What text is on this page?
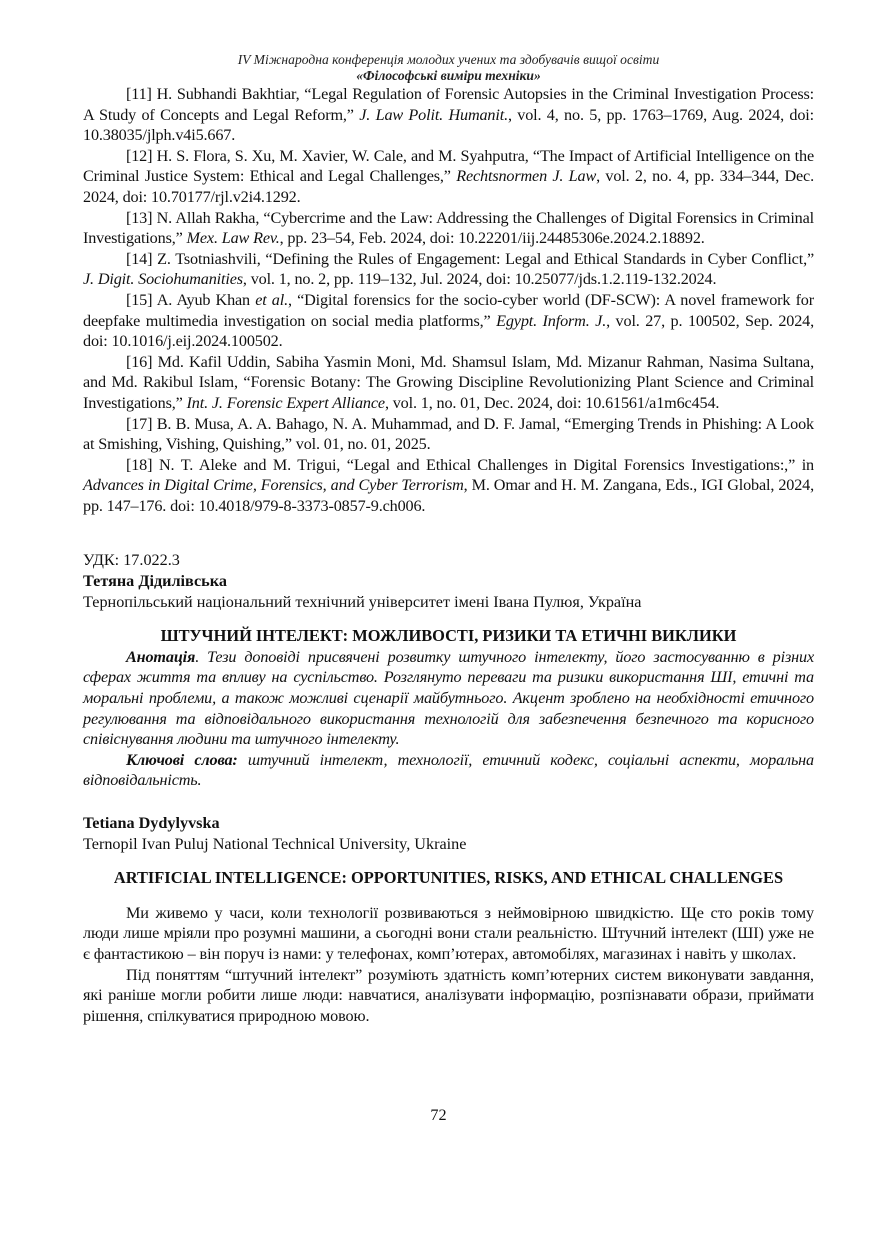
IV Міжнародна конференція молодих учених та здобувачів вищої освіти
«Філософські виміри техніки»

[11] H. Subhandi Bakhtiar, “Legal Regulation of Forensic Autopsies in the Criminal Investigation Process: A Study of Concepts and Legal Reform,” J. Law Polit. Humanit., vol. 4, no. 5, pp. 1763–1769, Aug. 2024, doi: 10.38035/jlph.v4i5.667.

[12] H. S. Flora, S. Xu, M. Xavier, W. Cale, and M. Syahputra, “The Impact of Artificial Intelligence on the Criminal Justice System: Ethical and Legal Challenges,” Rechtsnormen J. Law, vol. 2, no. 4, pp. 334–344, Dec. 2024, doi: 10.70177/rjl.v2i4.1292.

[13] N. Allah Rakha, “Cybercrime and the Law: Addressing the Challenges of Digital Forensics in Criminal Investigations,” Mex. Law Rev., pp. 23–54, Feb. 2024, doi: 10.22201/iij.24485306e.2024.2.18892.

[14] Z. Tsotniashvili, “Defining the Rules of Engagement: Legal and Ethical Standards in Cyber Conflict,” J. Digit. Sociohumanities, vol. 1, no. 2, pp. 119–132, Jul. 2024, doi: 10.25077/jds.1.2.119-132.2024.

[15] A. Ayub Khan et al., “Digital forensics for the socio-cyber world (DF-SCW): A novel framework for deepfake multimedia investigation on social media platforms,” Egypt. Inform. J., vol. 27, p. 100502, Sep. 2024, doi: 10.1016/j.eij.2024.100502.

[16] Md. Kafil Uddin, Sabiha Yasmin Moni, Md. Shamsul Islam, Md. Mizanur Rahman, Nasima Sultana, and Md. Rakibul Islam, “Forensic Botany: The Growing Discipline Revolutionizing Plant Science and Criminal Investigations,” Int. J. Forensic Expert Alliance, vol. 1, no. 01, Dec. 2024, doi: 10.61561/a1m6c454.

[17] B. B. Musa, A. A. Bahago, N. A. Muhammad, and D. F. Jamal, “Emerging Trends in Phishing: A Look at Smishing, Vishing, Quishing,” vol. 01, no. 01, 2025.

[18] N. T. Aleke and M. Trigui, “Legal and Ethical Challenges in Digital Forensics Investigations:,” in Advances in Digital Crime, Forensics, and Cyber Terrorism, M. Omar and H. M. Zangana, Eds., IGI Global, 2024, pp. 147–176. doi: 10.4018/979-8-3373-0857-9.ch006.

УДК: 17.022.3

Тетяна Дідилівська

Тернопільський національний технічний університет імені Івана Пулюя, Україна

ШТУЧНИЙ ІНТЕЛЕКТ: МОЖЛИВОСТІ, РИЗИКИ ТА ЕТИЧНІ ВИКЛИКИ

Анотація. Тези доповіді присвячені розвитку штучного інтелекту, його застосуванню в різних сферах життя та впливу на суспільство. Розглянуто переваги та ризики використання ШІ, етичні та моральні проблеми, а також можливі сценарії майбутнього. Акцент зроблено на необхідності етичного регулювання та відповідального використання технологій для забезпечення безпечного та корисного співіснування людини та штучного інтелекту.

Ключові слова: штучний інтелект, технології, етичний кодекс, соціальні аспекти, моральна відповідальність.

Tetiana Dydylyvska

Ternopil Ivan Puluj National Technical University, Ukraine

ARTIFICIAL INTELLIGENCE: OPPORTUNITIES, RISKS, AND ETHICAL CHALLENGES

Ми живемо у часи, коли технології розвиваються з неймовірною швидкістю. Ще сто років тому люди лише мріяли про розумні машини, а сьогодні вони стали реальністю. Штучний інтелект (ШІ) уже не є фантастикою – він поруч із нами: у телефонах, комп’ютерах, автомобілях, магазинах і навіть у школах.

Під поняттям “штучний інтелект” розуміють здатність комп’ютерних систем виконувати завдання, які раніше могли робити лише люди: навчатися, аналізувати інформацію, розпізнавати образи, приймати рішення, спілкуватися природною мовою.

72
